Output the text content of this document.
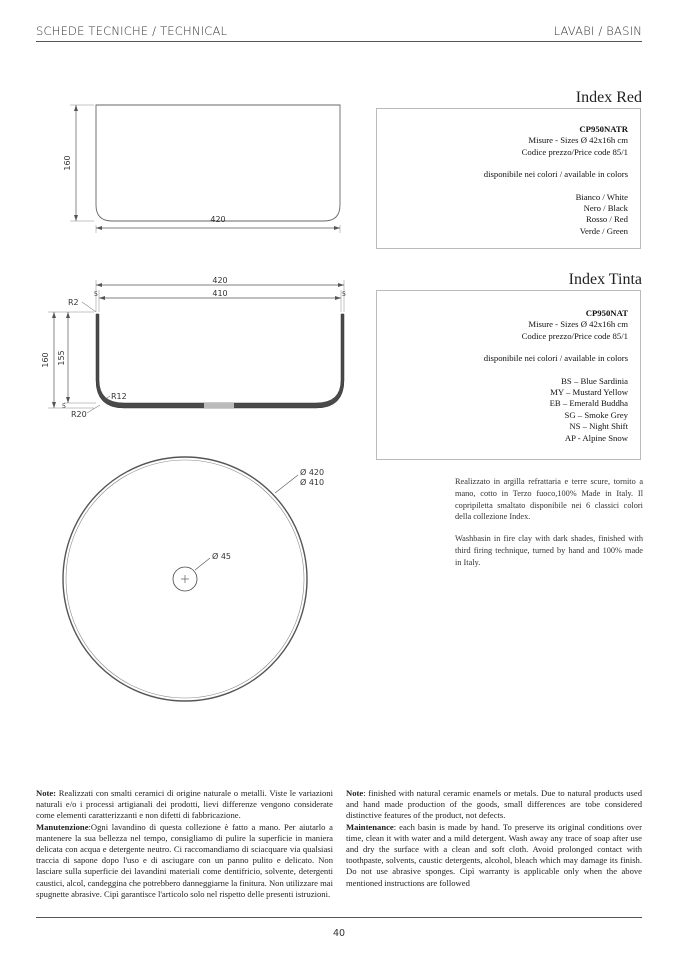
SCHEDE TECNICHE / TECHNICAL	LAVABI / BASIN
Index Red
CP950NATR
Misure - Sizes Ø 42x16h cm
Codice prezzo/Price code 85/1
disponibile nei colori / available in colors
Bianco / White
Nero / Black
Rosso / Red
Verde / Green
Index Tinta
CP950NAT
Misure - Sizes Ø 42x16h cm
Codice prezzo/Price code 85/1
disponibile nei colori / available in colors
BS – Blue Sardinia
MY – Mustard Yellow
EB – Emerald Buddha
SG – Smoke Grey
NS – Night Shift
AP - Alpine Snow
160
420
420
410
5	5
R2
160 155
5
R12
R20
Ø 420
Ø 410
Ø 45
Realizzato in argilla refrattaria e terre scure, tornito a mano, cotto in Terzo fuoco,100% Made in Italy. Il copripiletta smaltato disponibile nei 6 classici colori della collezione Index.
Washbasin in fire clay with dark shades, finished with third firing technique, turned by hand and 100% made in Italy.
Note: Realizzati con smalti ceramici di origine naturale o metalli. Viste le variazioni naturali e/o i processi artigianali dei prodotti, lievi differenze vengono considerate come elementi caratterizzanti e non difetti di fabbricazione.
Manutenzione:Ogni lavandino di questa collezione è fatto a mano. Per aiutarlo a mantenere la sua bellezza nel tempo, consigliamo di pulire la superficie in maniera delicata con acqua e detergente neutro. Ci raccomandiamo di sciacquare via qualsiasi traccia di sapone dopo l'uso e di asciugare con un panno pulito e delicato. Non lasciare sulla superficie dei lavandini materiali come dentifricio, solvente, detergenti caustici, alcol, candeggina che potrebbero danneggiarne la finitura. Non utilizzare mai spugnette abrasive. Cipì garantisce l'articolo solo nel rispetto delle presenti istruzioni.
Note: finished with natural ceramic enamels or metals. Due to natural products used and hand made production of the goods, small differences are tobe considered distinctive features of the product, not defects.
Maintenance: each basin is made by hand. To preserve its original conditions over time, clean it with water and a mild detergent. Wash away any trace of soap after use and dry the surface with a clean and soft cloth. Avoid prolonged contact with toothpaste, solvents, caustic detergents, alcohol, bleach which may damage its finish. Do not use abrasive sponges. Cipì warranty is applicable only when the above mentioned instructions are followed
40
